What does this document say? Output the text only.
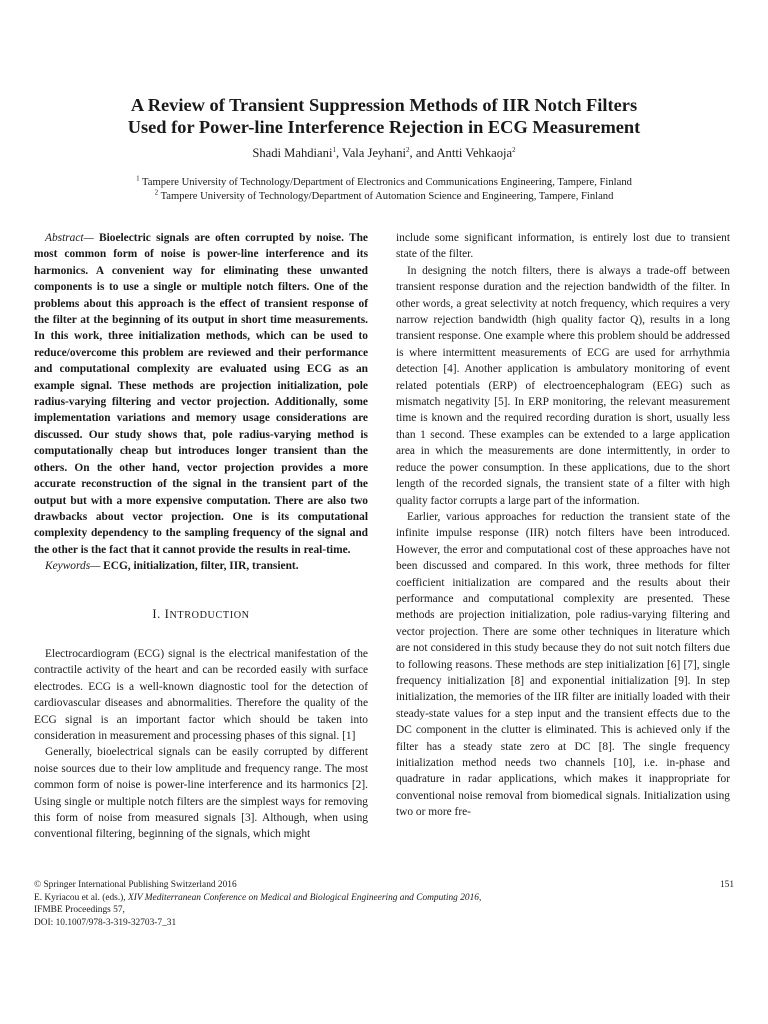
A Review of Transient Suppression Methods of IIR Notch Filters
Used for Power-line Interference Rejection in ECG Measurement
Shadi Mahdiani$^1$, Vala Jeyhani$^2$, and Antti Vehkaoja$^2$
$^1$ Tampere University of Technology/Department of Electronics and Communications Engineering, Tampere, Finland
$^2$ Tampere University of Technology/Department of Automation Science and Engineering, Tampere, Finland

Abstract— Bioelectric signals are often corrupted by noise. The most common form of noise is power-line interference and its harmonics. A convenient way for eliminating these unwanted components is to use a single or multiple notch filters. One of the problems about this approach is the effect of transient response of the filter at the beginning of its output in short time measurements. In this work, three initialization methods, which can be used to reduce/overcome this problem are reviewed and their performance and computational complexity are evaluated using ECG as an example signal. These methods are projection initialization, pole radius-varying filtering and vector projection. Additionally, some implementation variations and memory usage considerations are discussed. Our study shows that, pole radius-varying method is computationally cheap but introduces longer transient than the others. On the other hand, vector projection provides a more accurate reconstruction of the signal in the transient part of the output but with a more expensive computation. There are also two drawbacks about vector projection. One is its computational complexity dependency to the sampling frequency of the signal and the other is the fact that it cannot provide the results in real-time.

Keywords— ECG, initialization, filter, IIR, transient.

I. INTRODUCTION

Electrocardiogram (ECG) signal is the electrical manifestation of the contractile activity of the heart and can be recorded easily with surface electrodes. ECG is a well-known diagnostic tool for the detection of cardiovascular diseases and abnormalities. Therefore the quality of the ECG signal is an important factor which should be taken into consideration in measurement and processing phases of this signal. [1]

Generally, bioelectrical signals can be easily corrupted by different noise sources due to their low amplitude and frequency range. The most common form of noise is power-line interference and its harmonics [2]. Using single or multiple notch filters are the simplest ways for removing this form of noise from measured signals [3]. Although, when using conventional filtering, beginning of the signals, which might

include some significant information, is entirely lost due to transient state of the filter.

In designing the notch filters, there is always a trade-off between transient response duration and the rejection bandwidth of the filter. In other words, a great selectivity at notch frequency, which requires a very narrow rejection bandwidth (high quality factor Q), results in a long transient response. One example where this problem should be addressed is where intermittent measurements of ECG are used for arrhythmia detection [4]. Another application is ambulatory monitoring of event related potentials (ERP) of electroencephalogram (EEG) such as mismatch negativity [5]. In ERP monitoring, the relevant measurement time is known and the required recording duration is short, usually less than 1 second. These examples can be extended to a large application area in which the measurements are done intermittently, in order to reduce the power consumption. In these applications, due to the short length of the recorded signals, the transient state of a filter with high quality factor corrupts a large part of the information.

Earlier, various approaches for reduction the transient state of the infinite impulse response (IIR) notch filters have been introduced. However, the error and computational cost of these approaches have not been discussed and compared. In this work, three methods for filter coefficient initialization are compared and the results about their performance and computational complexity are presented. These methods are projection initialization, pole radius-varying filtering and vector projection. There are some other techniques in literature which are not considered in this study because they do not suit notch filters due to following reasons. These methods are step initialization [6] [7], single frequency initialization [8] and exponential initialization [9]. In step initialization, the memories of the IIR filter are initially loaded with their steady-state values for a step input and the transient effects due to the DC component in the clutter is eliminated. This is achieved only if the filter has a steady state zero at DC [8]. The single frequency initialization method needs two channels [10], i.e. in-phase and quadrature in radar applications, which makes it inappropriate for conventional noise removal from biomedical signals. Initialization using two or more fre-

© Springer International Publishing Switzerland 2016
E. Kyriacou et al. (eds.), XIV Mediterranean Conference on Medical and Biological Engineering and Computing 2016,
IFMBE Proceedings 57,
DOI: 10.1007/978-3-319-32703-7_31
151
